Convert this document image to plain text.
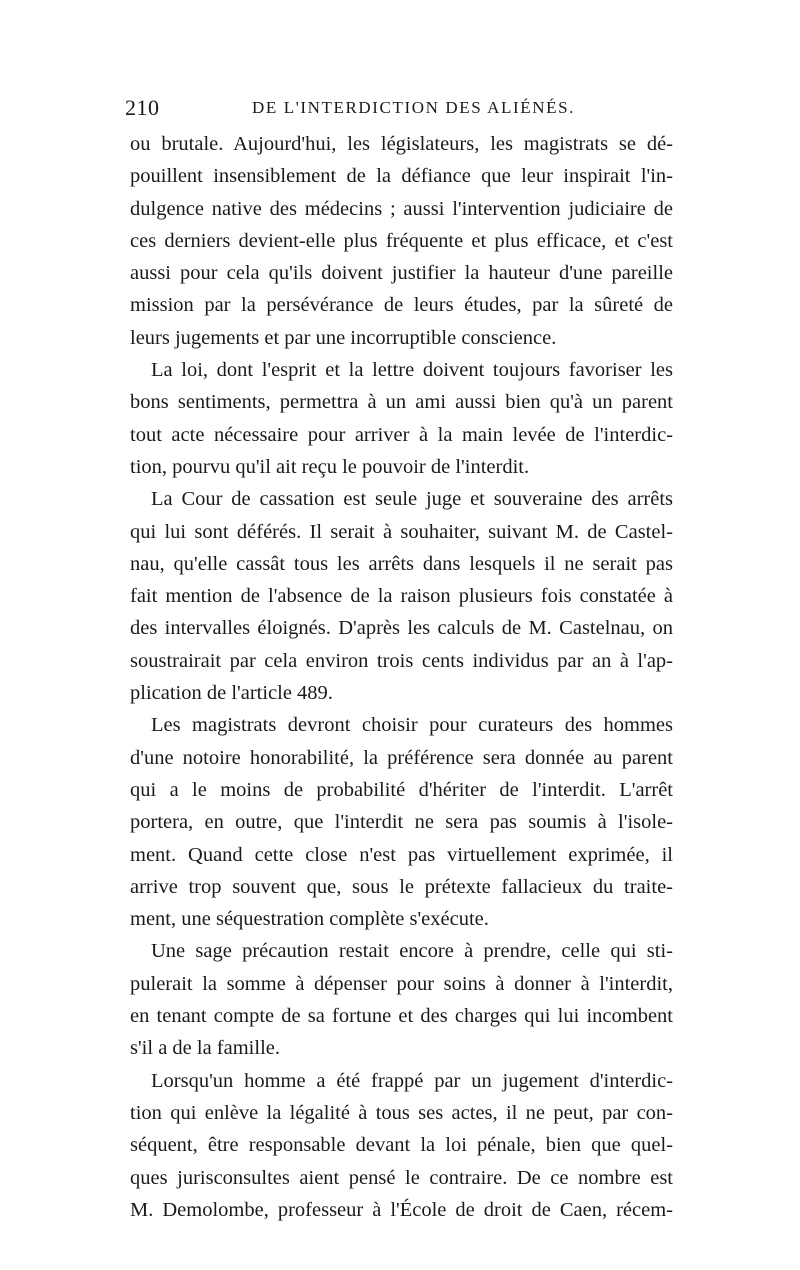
210	DE L'INTERDICTION DES ALIÉNÉS.
ou brutale. Aujourd'hui, les législateurs, les magistrats se dé-
pouillent insensiblement de la défiance que leur inspirait l'in-
dulgence native des médecins ; aussi l'intervention judiciaire de
ces derniers devient-elle plus fréquente et plus efficace, et c'est
aussi pour cela qu'ils doivent justifier la hauteur d'une pareille
mission par la persévérance de leurs études, par la sûreté de
leurs jugements et par une incorruptible conscience.
La loi, dont l'esprit et la lettre doivent toujours favoriser les
bons sentiments, permettra à un ami aussi bien qu'à un parent
tout acte nécessaire pour arriver à la main levée de l'interdic-
tion, pourvu qu'il ait reçu le pouvoir de l'interdit.
La Cour de cassation est seule juge et souveraine des arrêts
qui lui sont déférés. Il serait à souhaiter, suivant M. de Castel-
nau, qu'elle cassât tous les arrêts dans lesquels il ne serait pas
fait mention de l'absence de la raison plusieurs fois constatée à
des intervalles éloignés. D'après les calculs de M. Castelnau, on
soustrairait par cela environ trois cents individus par an à l'ap-
plication de l'article 489.
Les magistrats devront choisir pour curateurs des hommes
d'une notoire honorabilité, la préférence sera donnée au parent
qui a le moins de probabilité d'hériter de l'interdit. L'arrêt
portera, en outre, que l'interdit ne sera pas soumis à l'isole-
ment. Quand cette close n'est pas virtuellement exprimée, il
arrive trop souvent que, sous le prétexte fallacieux du traite-
ment, une séquestration complète s'exécute.
Une sage précaution restait encore à prendre, celle qui sti-
pulerait la somme à dépenser pour soins à donner à l'interdit,
en tenant compte de sa fortune et des charges qui lui incombent
s'il a de la famille.
Lorsqu'un homme a été frappé par un jugement d'interdic-
tion qui enlève la légalité à tous ses actes, il ne peut, par con-
séquent, être responsable devant la loi pénale, bien que quel-
ques jurisconsultes aient pensé le contraire. De ce nombre est
M. Demolombe, professeur à l'École de droit de Caen, récem-
